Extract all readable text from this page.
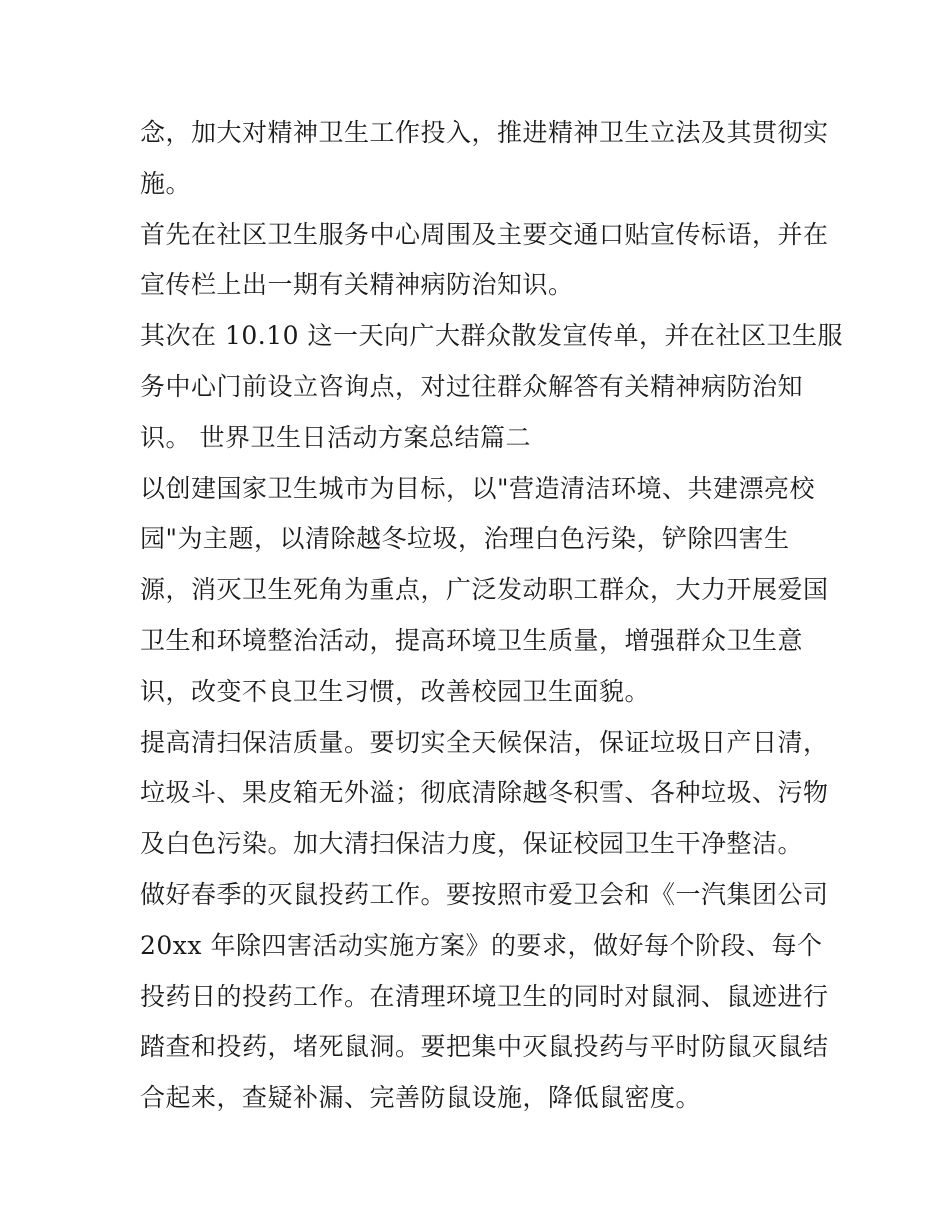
念，加大对精神卫生工作投入，推进精神卫生立法及其贯彻实
施。
首先在社区卫生服务中心周围及主要交通口贴宣传标语，并在
宣传栏上出一期有关精神病防治知识。
其次在 10.10 这一天向广大群众散发宣传单，并在社区卫生服
务中心门前设立咨询点，对过往群众解答有关精神病防治知
识。 世界卫生日活动方案总结篇二
以创建国家卫生城市为目标，以"营造清洁环境、共建漂亮校
园"为主题，以清除越冬垃圾，治理白色污染，铲除四害生
源，消灭卫生死角为重点，广泛发动职工群众，大力开展爱国
卫生和环境整治活动，提高环境卫生质量，增强群众卫生意
识，改变不良卫生习惯，改善校园卫生面貌。
提高清扫保洁质量。要切实全天候保洁，保证垃圾日产日清，
垃圾斗、果皮箱无外溢；彻底清除越冬积雪、各种垃圾、污物
及白色污染。加大清扫保洁力度，保证校园卫生干净整洁。
做好春季的灭鼠投药工作。要按照市爱卫会和《一汽集团公司
20xx 年除四害活动实施方案》的要求，做好每个阶段、每个
投药日的投药工作。在清理环境卫生的同时对鼠洞、鼠迹进行
踏查和投药，堵死鼠洞。要把集中灭鼠投药与平时防鼠灭鼠结
合起来，查疑补漏、完善防鼠设施，降低鼠密度。
